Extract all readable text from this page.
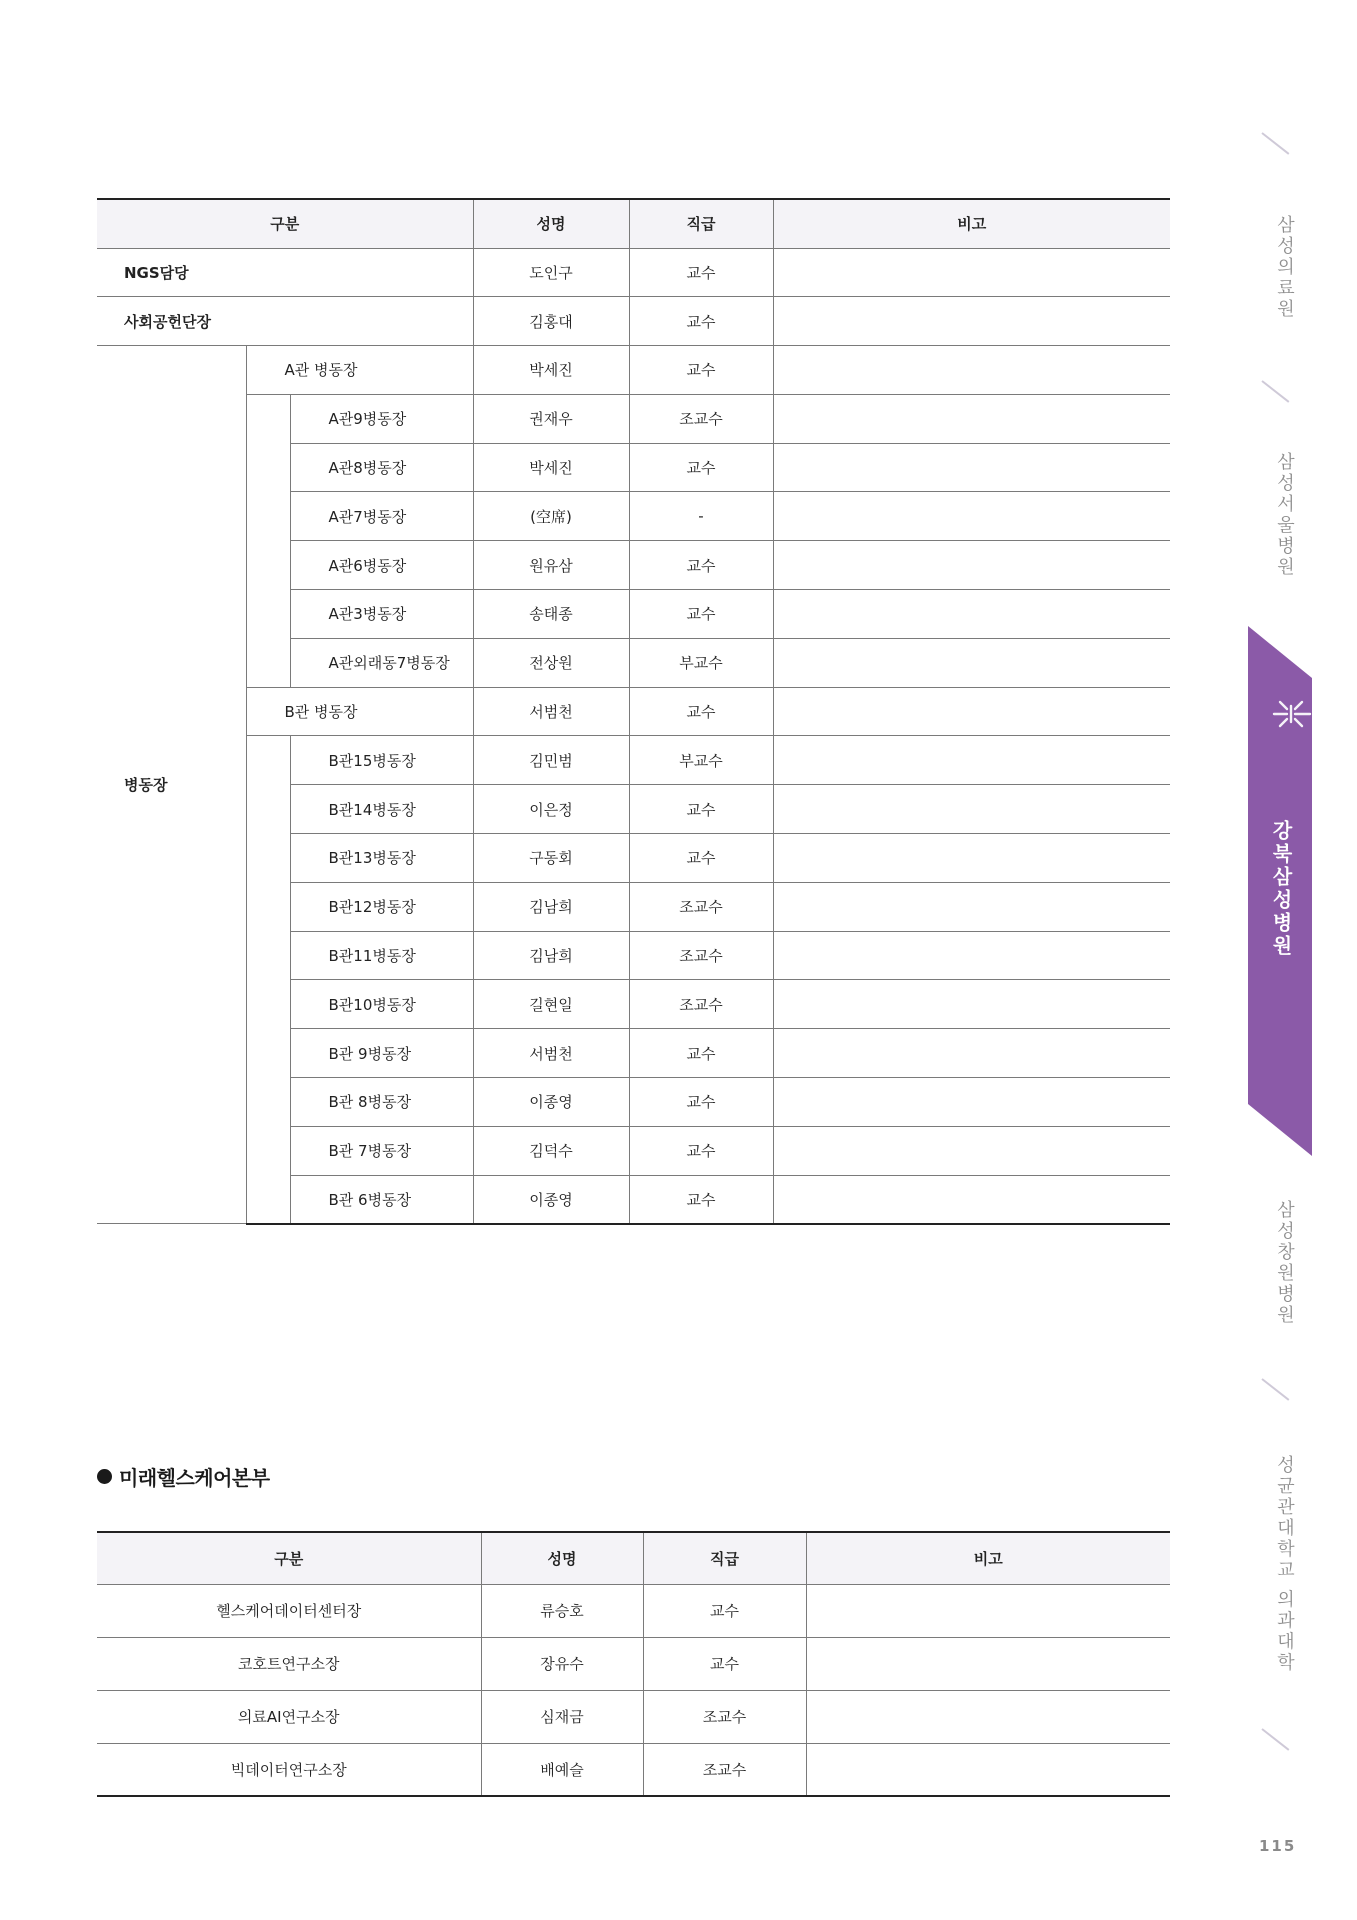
구분			성명	직급	비고
NGS담당			도인구	교수	
사회공헌단장			김홍대	교수	
병동장	A관 병동장		박세진	교수	
		A관9병동장	권재우	조교수	
		A관8병동장	박세진	교수	
		A관7병동장	(空席)	-	
		A관6병동장	원유삼	교수	
		A관3병동장	송태종	교수	
		A관외래동7병동장	전상원	부교수	
	B관 병동장		서범천	교수	
		B관15병동장	김민범	부교수	
		B관14병동장	이은정	교수	
		B관13병동장	구동회	교수	
		B관12병동장	김남희	조교수	
		B관11병동장	김남희	조교수	
		B관10병동장	길현일	조교수	
		B관 9병동장	서범천	교수	
		B관 8병동장	이종영	교수	
		B관 7병동장	김덕수	교수	
		B관 6병동장	이종영	교수	
미래헬스케어본부
구분	성명	직급	비고
헬스케어데이터센터장	류승호	교수	
코호트연구소장	장유수	교수	
의료AI연구소장	심재금	조교수	
빅데이터연구소장	배예슬	조교수	
삼성의료원
삼성서울병원
강북삼성병원
삼성창원병원
성균관대학교 의과대학
115
